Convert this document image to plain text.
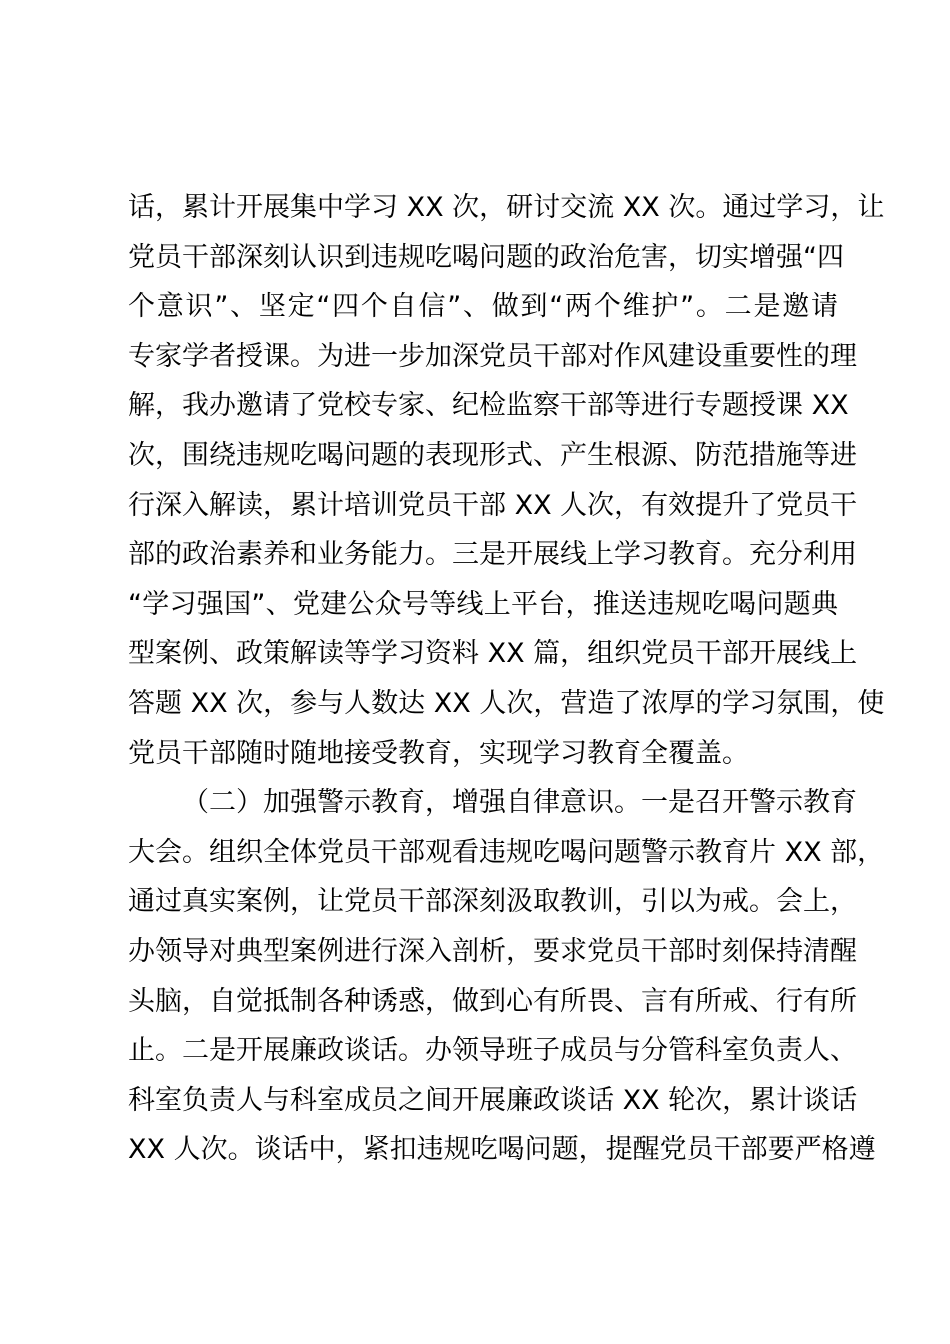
话，累计开展集中学习 XX 次，研讨交流 XX 次。通过学习，让
党员干部深刻认识到违规吃喝问题的政治危害，切实增强“四
个意识”、坚定“四个自信”、做到“两个维护”。二是邀请
专家学者授课。为进一步加深党员干部对作风建设重要性的理
解，我办邀请了党校专家、纪检监察干部等进行专题授课 XX
次，围绕违规吃喝问题的表现形式、产生根源、防范措施等进
行深入解读，累计培训党员干部 XX 人次，有效提升了党员干
部的政治素养和业务能力。三是开展线上学习教育。充分利用
“学习强国”、党建公众号等线上平台，推送违规吃喝问题典
型案例、政策解读等学习资料 XX 篇，组织党员干部开展线上
答题 XX 次，参与人数达 XX 人次，营造了浓厚的学习氛围，使
党员干部随时随地接受教育，实现学习教育全覆盖。
（二）加强警示教育，增强自律意识。一是召开警示教育
大会。组织全体党员干部观看违规吃喝问题警示教育片 XX 部，
通过真实案例，让党员干部深刻汲取教训，引以为戒。会上，
办领导对典型案例进行深入剖析，要求党员干部时刻保持清醒
头脑，自觉抵制各种诱惑，做到心有所畏、言有所戒、行有所
止。二是开展廉政谈话。办领导班子成员与分管科室负责人、
科室负责人与科室成员之间开展廉政谈话 XX 轮次，累计谈话
XX 人次。谈话中，紧扣违规吃喝问题，提醒党员干部要严格遵
